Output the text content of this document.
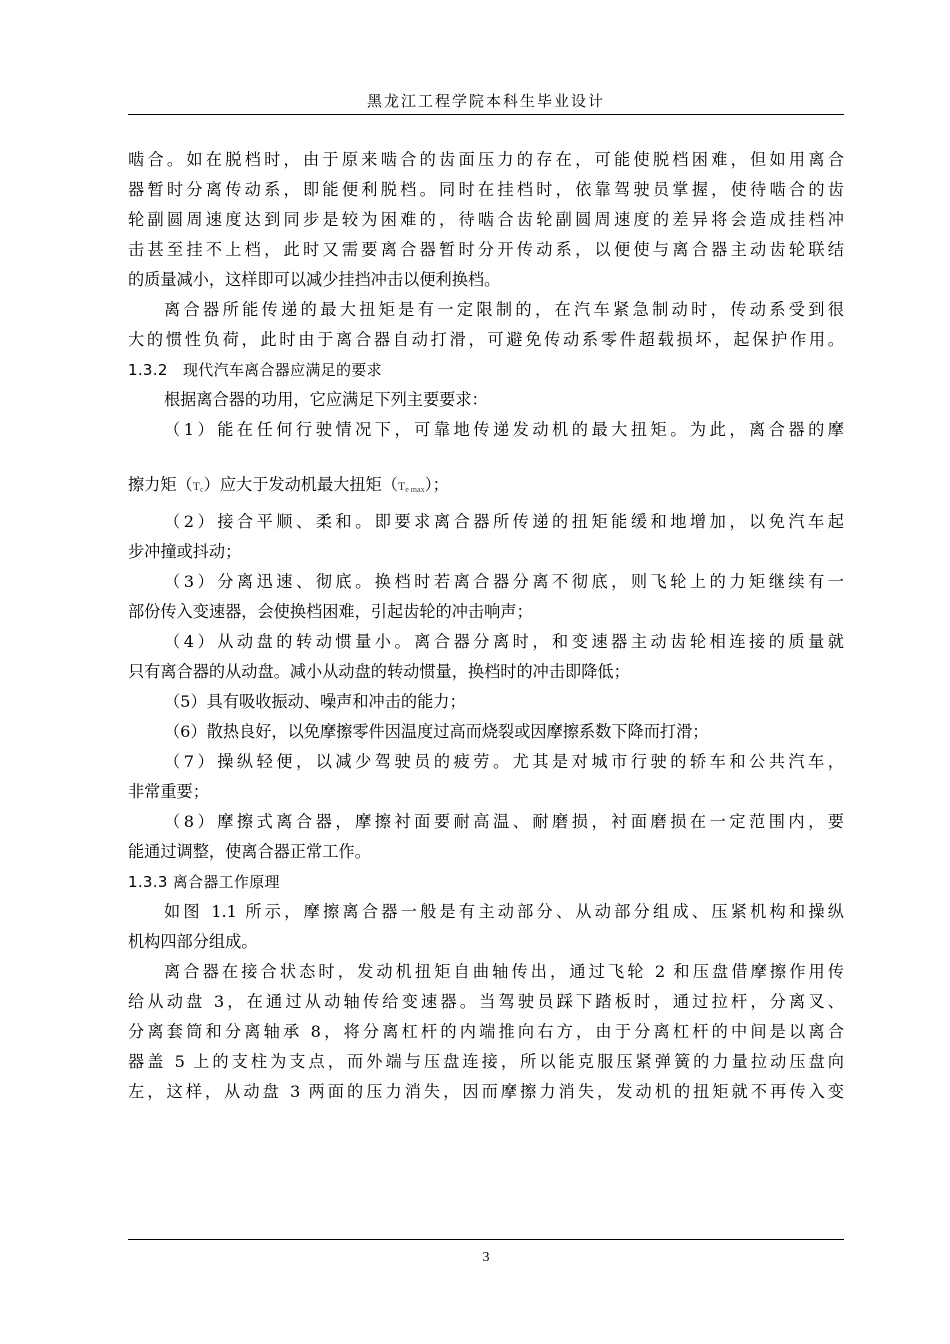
黑龙江工程学院本科生毕业设计
啮合。如在脱档时，由于原来啮合的齿面压力的存在，可能使脱档困难，但如用离合
器暂时分离传动系，即能便利脱档。同时在挂档时，依靠驾驶员掌握，使待啮合的齿
轮副圆周速度达到同步是较为困难的，待啮合齿轮副圆周速度的差异将会造成挂档冲
击甚至挂不上档，此时又需要离合器暂时分开传动系，以便使与离合器主动齿轮联结
的质量减小，这样即可以减少挂挡冲击以便利换档。
离合器所能传递的最大扭矩是有一定限制的，在汽车紧急制动时，传动系受到很
大的惯性负荷，此时由于离合器自动打滑，可避免传动系零件超载损坏，起保护作用。
1.3.2　现代汽车离合器应满足的要求
根据离合器的功用，它应满足下列主要要求：
（1）能在任何行驶情况下，可靠地传递发动机的最大扭矩。为此，离合器的摩
擦力矩$(T_c)$应大于发动机最大扭矩$(T_{e max})$；
（2）接合平顺、柔和。即要求离合器所传递的扭矩能缓和地增加，以免汽车起
步冲撞或抖动；
（3）分离迅速、彻底。换档时若离合器分离不彻底，则飞轮上的力矩继续有一
部份传入变速器，会使换档困难，引起齿轮的冲击响声；
（4）从动盘的转动惯量小。离合器分离时，和变速器主动齿轮相连接的质量就
只有离合器的从动盘。减小从动盘的转动惯量，换档时的冲击即降低；
（5）具有吸收振动、噪声和冲击的能力；
（6）散热良好，以免摩擦零件因温度过高而烧裂或因摩擦系数下降而打滑；
（7）操纵轻便，以减少驾驶员的疲劳。尤其是对城市行驶的轿车和公共汽车，
非常重要；
（8）摩擦式离合器，摩擦衬面要耐高温、耐磨损，衬面磨损在一定范围内，要
能通过调整，使离合器正常工作。
1.3.3 离合器工作原理
如图 1.1 所示，摩擦离合器一般是有主动部分、从动部分组成、压紧机构和操纵
机构四部分组成。
离合器在接合状态时，发动机扭矩自曲轴传出，通过飞轮 2 和压盘借摩擦作用传
给从动盘 3，在通过从动轴传给变速器。当驾驶员踩下踏板时，通过拉杆，分离叉、
分离套筒和分离轴承 8，将分离杠杆的内端推向右方，由于分离杠杆的中间是以离合
器盖 5 上的支柱为支点，而外端与压盘连接，所以能克服压紧弹簧的力量拉动压盘向
左，这样，从动盘 3 两面的压力消失，因而摩擦力消失，发动机的扭矩就不再传入变
3
